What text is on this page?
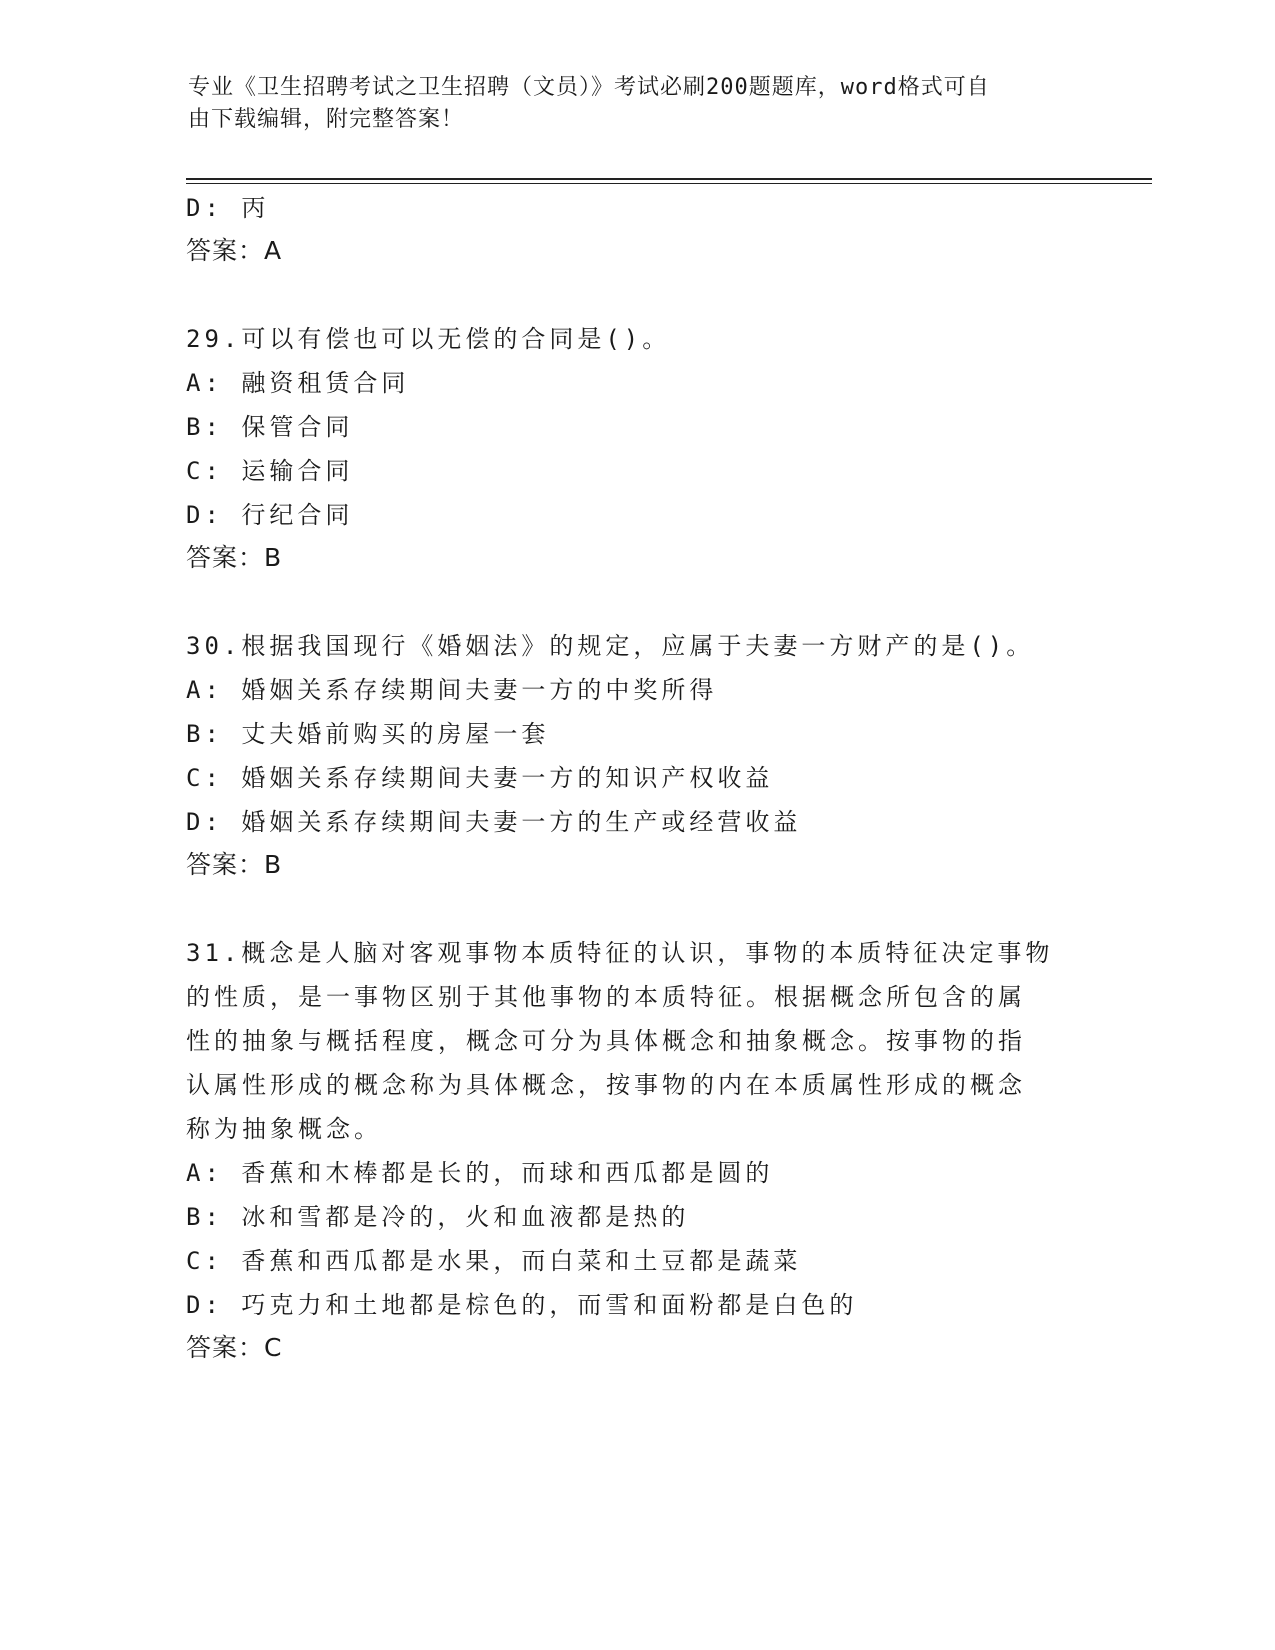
专业《卫生招聘考试之卫生招聘（文员）》考试必刷200题题库，word格式可自
由下载编辑，附完整答案！
D: 丙
答案：A
29.可以有偿也可以无偿的合同是()。
A: 融资租赁合同
B: 保管合同
C: 运输合同
D: 行纪合同
答案：B
30.根据我国现行《婚姻法》的规定，应属于夫妻一方财产的是()。
A: 婚姻关系存续期间夫妻一方的中奖所得
B: 丈夫婚前购买的房屋一套
C: 婚姻关系存续期间夫妻一方的知识产权收益
D: 婚姻关系存续期间夫妻一方的生产或经营收益
答案：B
31.概念是人脑对客观事物本质特征的认识，事物的本质特征决定事物
的性质，是一事物区别于其他事物的本质特征。根据概念所包含的属
性的抽象与概括程度，概念可分为具体概念和抽象概念。按事物的指
认属性形成的概念称为具体概念，按事物的内在本质属性形成的概念
称为抽象概念。
A: 香蕉和木棒都是长的，而球和西瓜都是圆的
B: 冰和雪都是冷的，火和血液都是热的
C: 香蕉和西瓜都是水果，而白菜和土豆都是蔬菜
D: 巧克力和土地都是棕色的，而雪和面粉都是白色的
答案：C
